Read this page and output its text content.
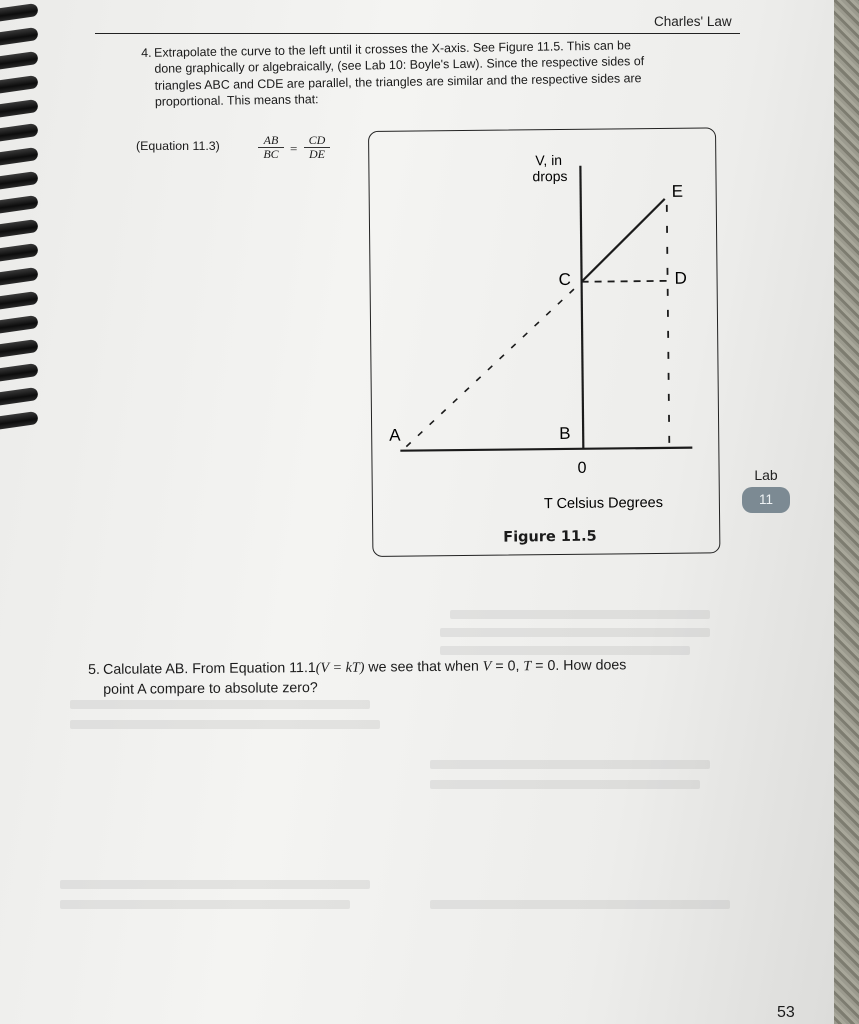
Charles' Law
4. Extrapolate the curve to the left until it crosses the X-axis. See Figure 11.5. This can be
done graphically or algebraically, (see Lab 10: Boyle's Law). Since the respective sides of
triangles ABC and CDE are parallel, the triangles are similar and the respective sides are
proportional. This means that:
(Equation 11.3)	$\frac{AB}{BC} = \frac{CD}{DE}$	V, in
drops
A	B
C	D
E
0
T Celsius Degrees
Figure 11.5
Lab
11
5. Calculate AB. From Equation 11.1(V = kT) we see that when V = 0, T = 0. How does
point A compare to absolute zero?
53
